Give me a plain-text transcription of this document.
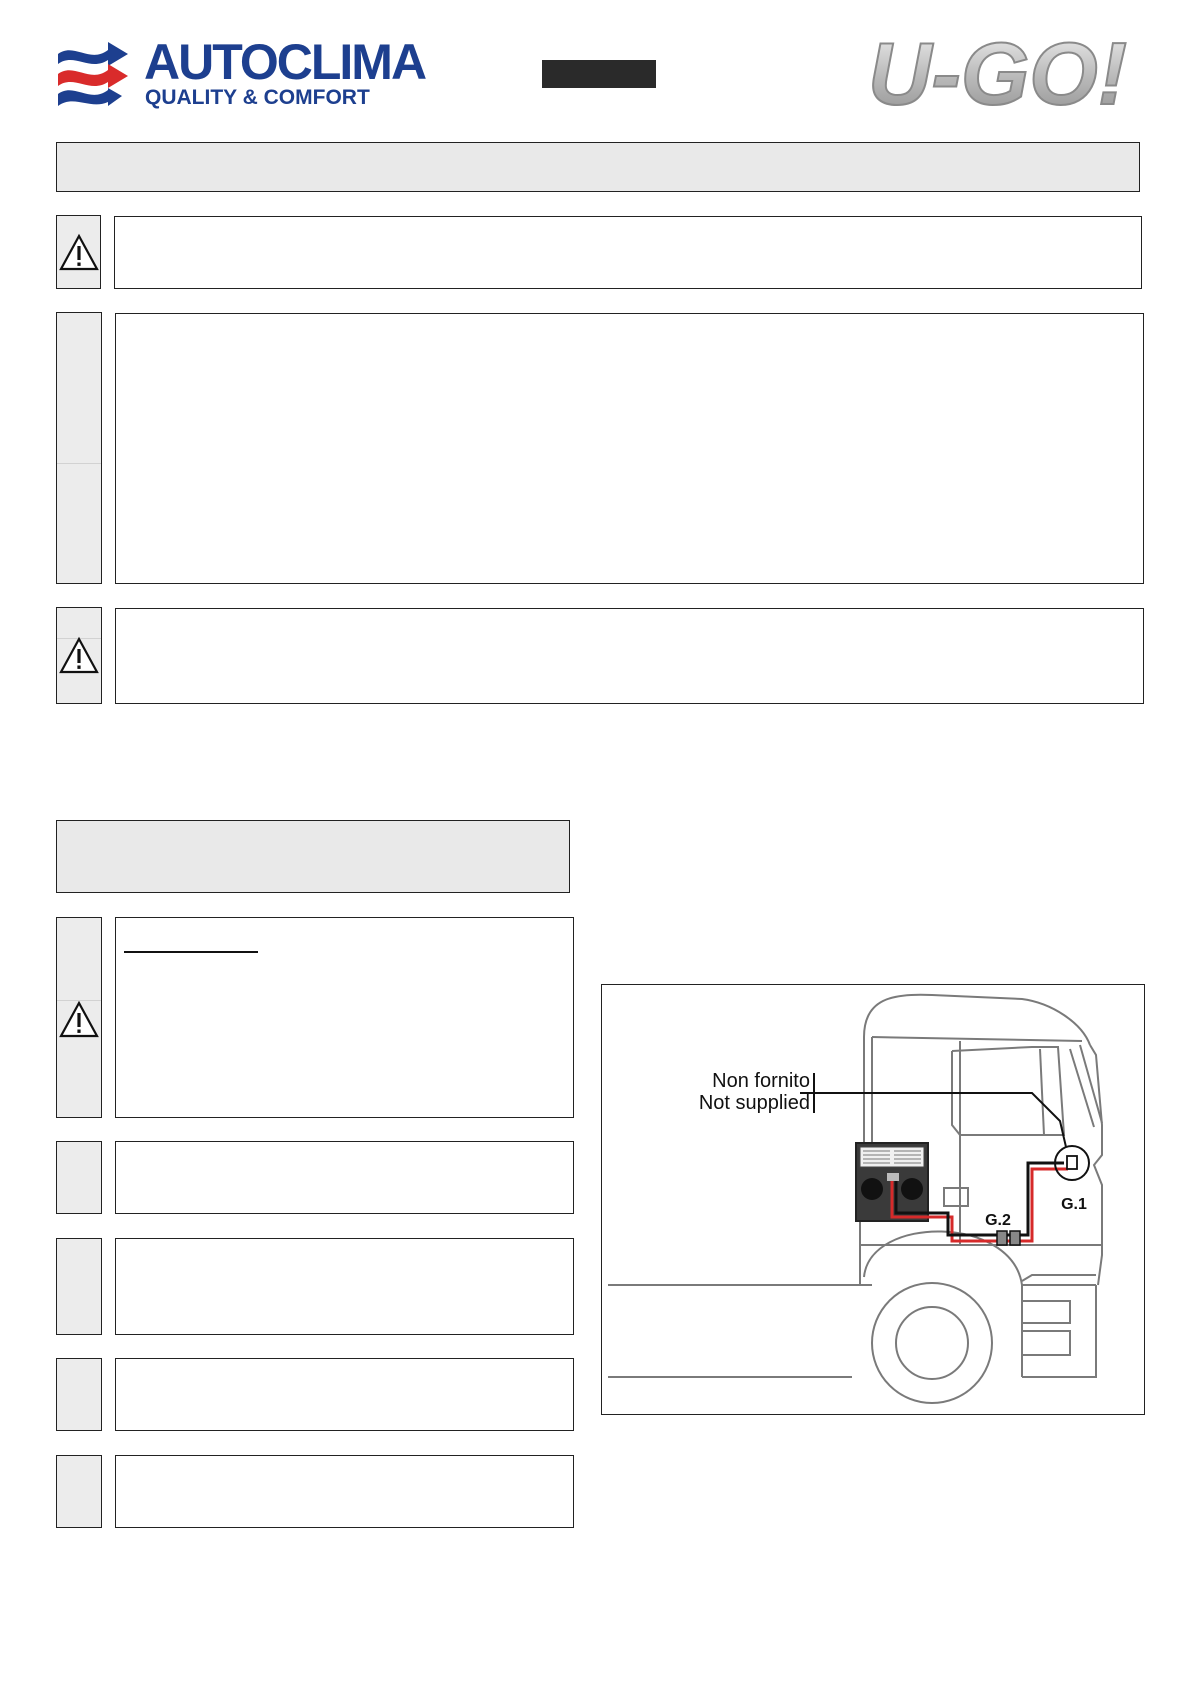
AUTOCLIMA
QUALITY & COMFORT	U-GO!
Non fornito
Not supplied
G.1
G.2
